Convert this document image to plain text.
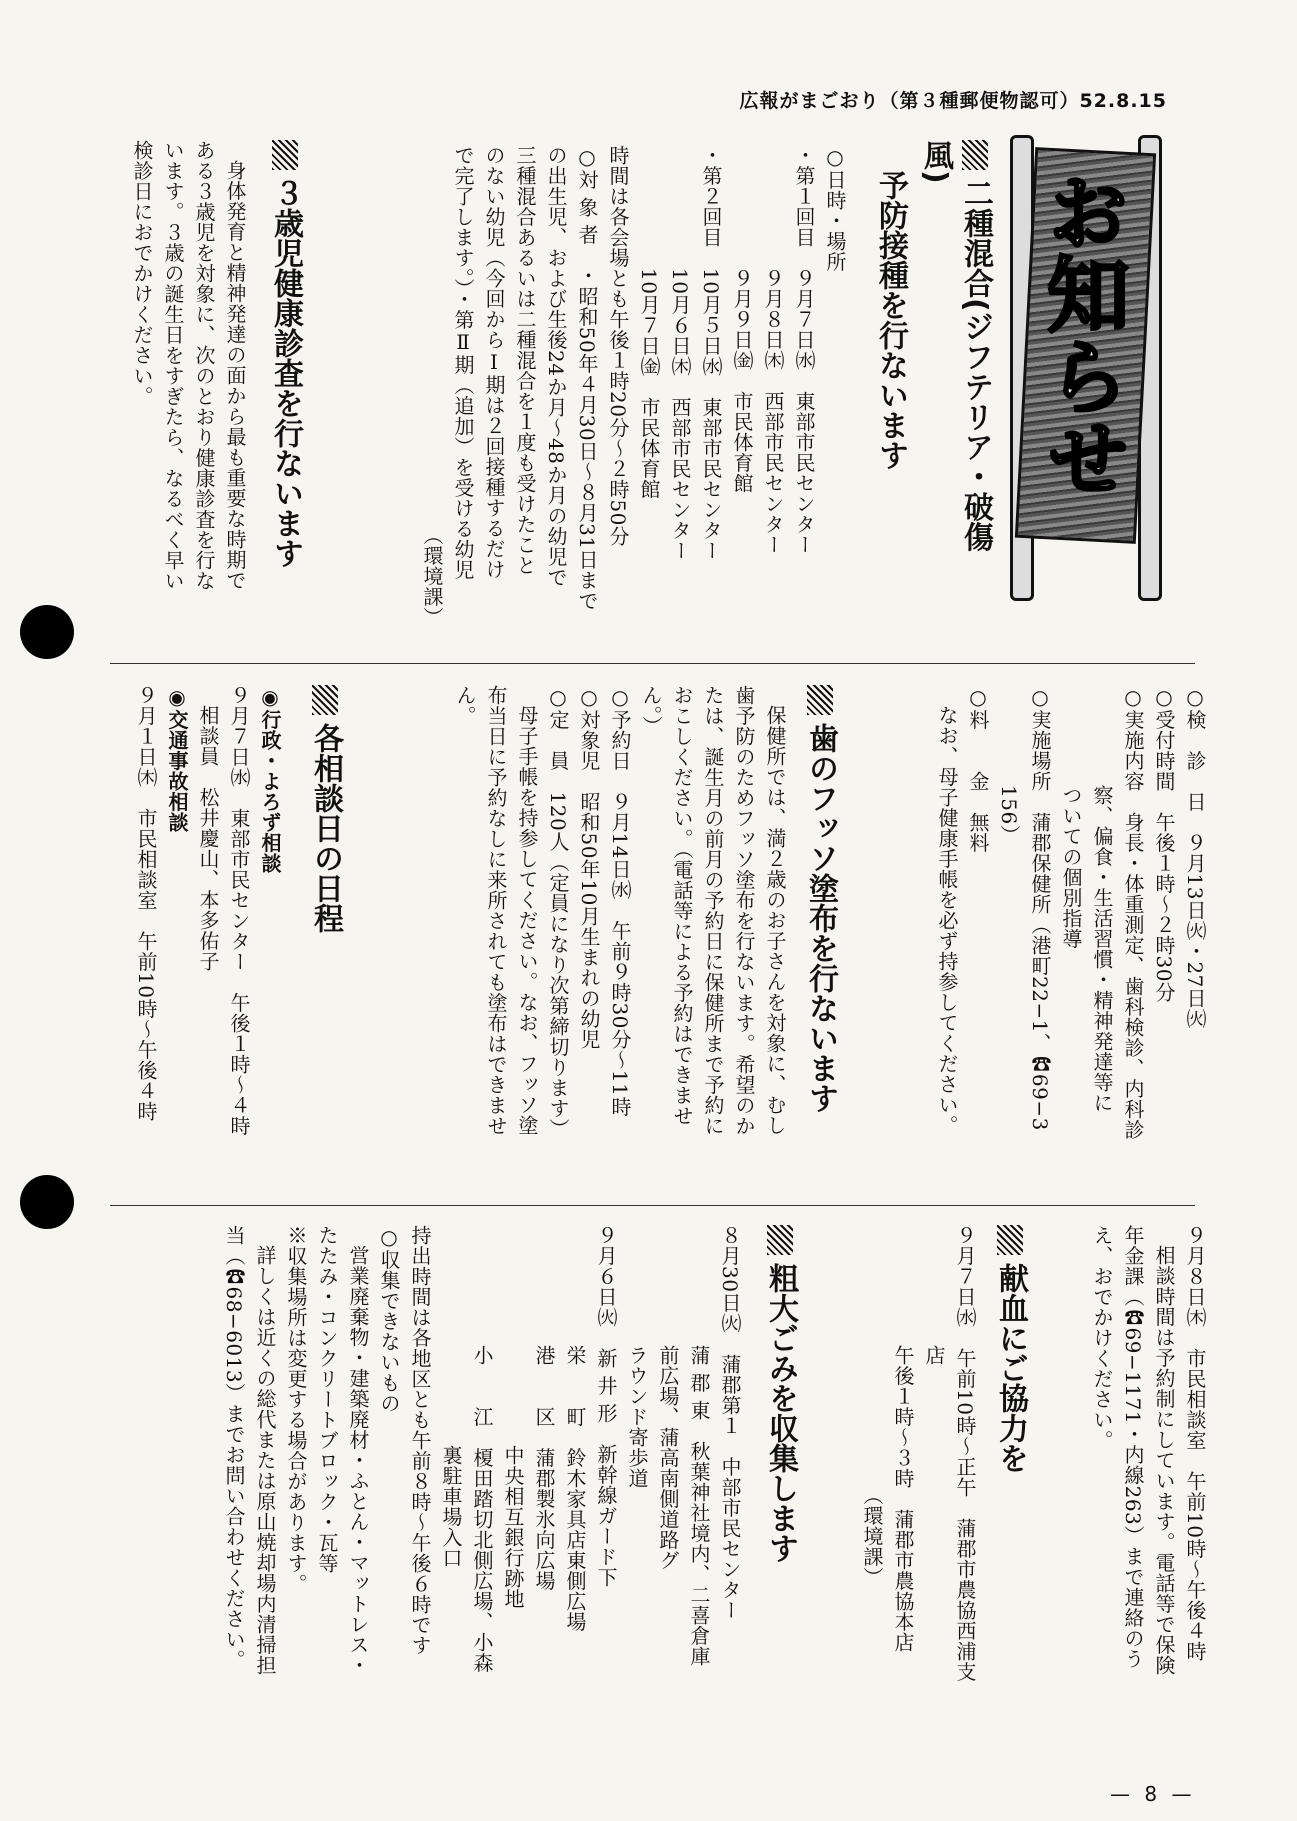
広報がまごおり（第３種郵便物認可）52.8.15
お知らせ
二種混合(ジフテリア・破傷風)
予防接種を行ないます
○日時・場所
・第１回目　９月７日㈬　東部市民センター
　　　　　　９月８日㈭　西部市民センター
　　　　　　９月９日㈮　市民体育館
・第２回目　10月５日㈬　東部市民センター
　　　　　　10月６日㈭　西部市民センター
　　　　　　10月７日㈮　市民体育館
時間は各会場とも午後１時20分〜２時50分
○対 象 者　・昭和50年４月30日〜８月31日まで
の出生児、および生後24か月〜48か月の幼児で
三種混合あるいは二種混合を１度も受けたこと
のない幼児（今回からⅠ期は２回接種するだけ
で完了します。）・第Ⅱ期（追加）を受ける幼児
（環境課）
３歳児健康診査を行ないます
身体発育と精神発達の面から最も重要な時期で
ある３歳児を対象に、次のとおり健康診査を行な
います。３歳の誕生日をすぎたら、なるべく早い
検診日におでかけください。
○検　診　日　９月13日㈫・27日㈫
○受付時間　午後１時〜２時30分
○実施内容　身長・体重測定、歯科検診、内科診
察、偏食・生活習慣・精神発達等に
ついての個別指導
○実施場所　蒲郡保健所（港町22−1、☎69−3
156）
○料　　金　無料
なお、母子健康手帳を必ず持参してください。
歯のフッソ塗布を行ないます
保健所では、満２歳のお子さんを対象に、むし
歯予防のためフッソ塗布を行ないます。希望のか
たは、誕生月の前月の予約日に保健所まで予約に
おこしください。（電話等による予約はできませ
ん。）
○予約日　９月14日㈬　午前９時30分〜11時
○対象児　昭和50年10月生まれの幼児
○定　員　120人（定員になり次第締切ります）
母子手帳を持参してください。なお、フッソ塗
布当日に予約なしに来所されても塗布はできませ
ん。
各相談日の日程
◉行政・よろず相談
９月７日㈬　東部市民センター　午後１時〜４時
相談員　松井慶山、本多佑子
◉交通事故相談
９月１日㈭　市民相談室　午前10時〜午後４時
９月８日㈭　市民相談室　午前10時〜午後４時
相談時間は予約制にしています。電話等で保険
年金課（☎69−1171・内線263）まで連絡のう
え、おでかけください。
献血にご協力を
９月７日㈬　午前10時〜正午　蒲郡市農協西浦支
店
午後１時〜３時　蒲郡市農協本店
（環境課）
粗大ごみを収集します
８月30日㈫　蒲郡第１　中部市民センター
蒲 郡 東　秋葉神社境内、二喜倉庫
前広場、蒲高南側道路グ
ラウンド寄歩道
９月６日㈫　新 井 形　新幹線ガード下
栄　　町　鈴木家具店東側広場
港　　区　蒲郡製氷向広場
中央相互銀行跡地
小　　江　榎田踏切北側広場、小森
裏駐車場入口
持出時間は各地区とも午前８時〜午後６時です
○収集できないもの
営業廃棄物・建築廃材・ふとん・マットレス・
たたみ・コンクリートブロック・瓦等
※収集場所は変更する場合があります。
詳しくは近くの総代または原山焼却場内清掃担
当（☎68−6013）までお問い合わせください。
— 8 —
